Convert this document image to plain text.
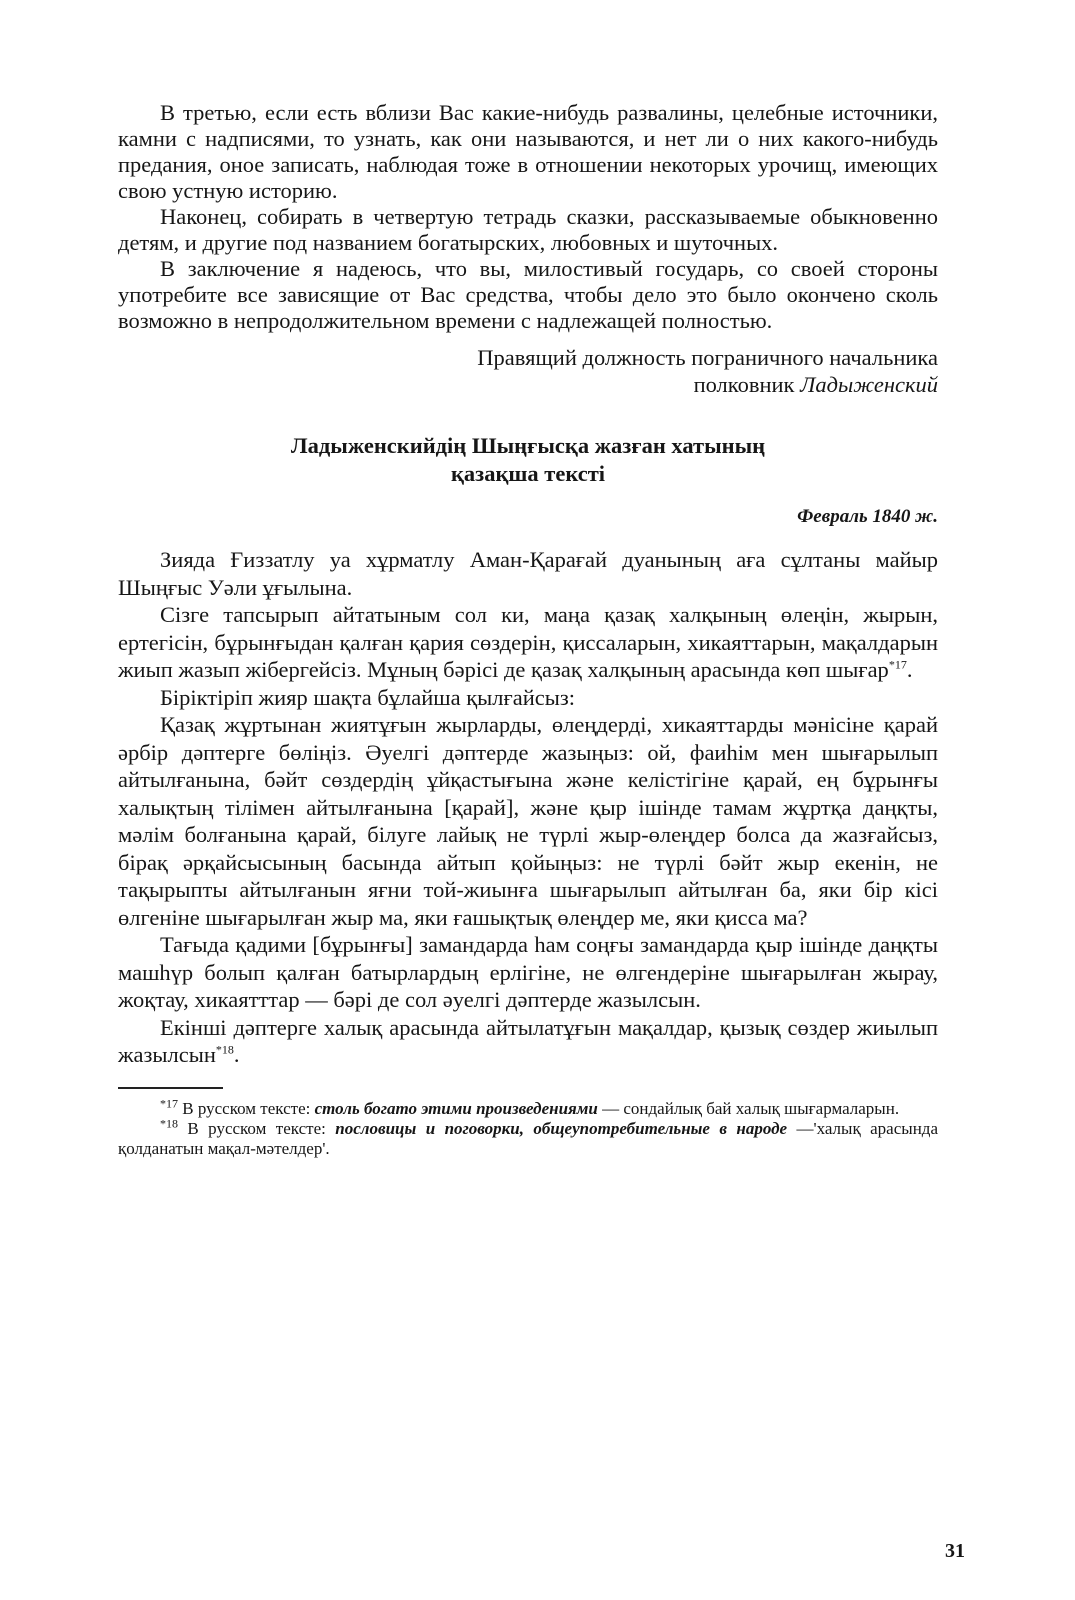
В третью, если есть вблизи Вас какие-нибудь развалины, целебные источники, камни с надписями, то узнать, как они называются, и нет ли о них какого-нибудь предания, оное записать, наблюдая тоже в отношении некоторых урочищ, имеющих свою устную историю.

Наконец, собирать в четвертую тетрадь сказки, рассказываемые обыкновенно детям, и другие под названием богатырских, любовных и шуточных.

В заключение я надеюсь, что вы, милостивый государь, со своей стороны употребите все зависящие от Вас средства, чтобы дело это было окончено сколь возможно в непродолжительном времени с надлежащей полностью.

Правящий должность пограничного начальника
полковник Ладыженский
Ладыженскийдің Шыңғысқа жазған хатының
қазақша тексті
Февраль 1840 ж.

Зияда Ғиззатлу уа хұрматлу Аман-Қарағай дуанының аға сұлтаны майыр Шыңғыс Уәли ұғылына.

Сізге тапсырып айтатыным сол ки, маңа қазақ халқының өлеңін, жырын, ертегісін, бұрынғыдан қалған қария сөздерін, қиссаларын, хикаяттарын, мақалдарын жиып жазып жібергейсіз. Мұның бәрісі де қазақ халқының арасында көп шығар$^{*17}$.

Біріктіріп жияр шақта бұлайша қылғайсыз:

Қазақ жұртынан жиятұғын жырларды, өлеңдерді, хикаяттарды мәнісіне қарай әрбір дәптерге бөліңіз. Әуелгі дәптерде жазыңыз: ой, фаиһім мен шығарылып айтылғанына, бәйт сөздердің ұйқастығына және келістігіне қарай, ең бұрынғы халықтың тілімен айтылғанына [қарай], және қыр ішінде тамам жұртқа даңқты, мәлім болғанына қарай, білуге лайық не түрлі жыр-өлеңдер болса да жазғайсыз, бірақ әрқайсысының басында айтып қойыңыз: не түрлі бәйт жыр екенін, не тақырыпты айтылғанын яғни той-жиынға шығарылып айтылған ба, яки бір кісі өлгеніне шығарылған жыр ма, яки ғашықтық өлеңдер ме, яки қисса ма?

Тағыда қадими [бұрынғы] замандарда һам соңғы замандарда қыр ішінде даңқты машһүр болып қалған батырлардың ерлігіне, не өлгендеріне шығарылған жырау, жоқтау, хикаятттар — бәрі де сол әуелгі дәптерде жазылсын.

Екінші дәптерге халық арасында айтылатұғын мақалдар, қызық сөздер жиылып жазылсын$^{*18}$.

$^{*17}$ В русском тексте: столь богато этими произведениями — сондайлық бай халық шығармаларын.

$^{*18}$ В русском тексте: пословицы и поговорки, общеупотребительные в народе —'халық арасында қолданатын мақал-мәтелдер'.

31
